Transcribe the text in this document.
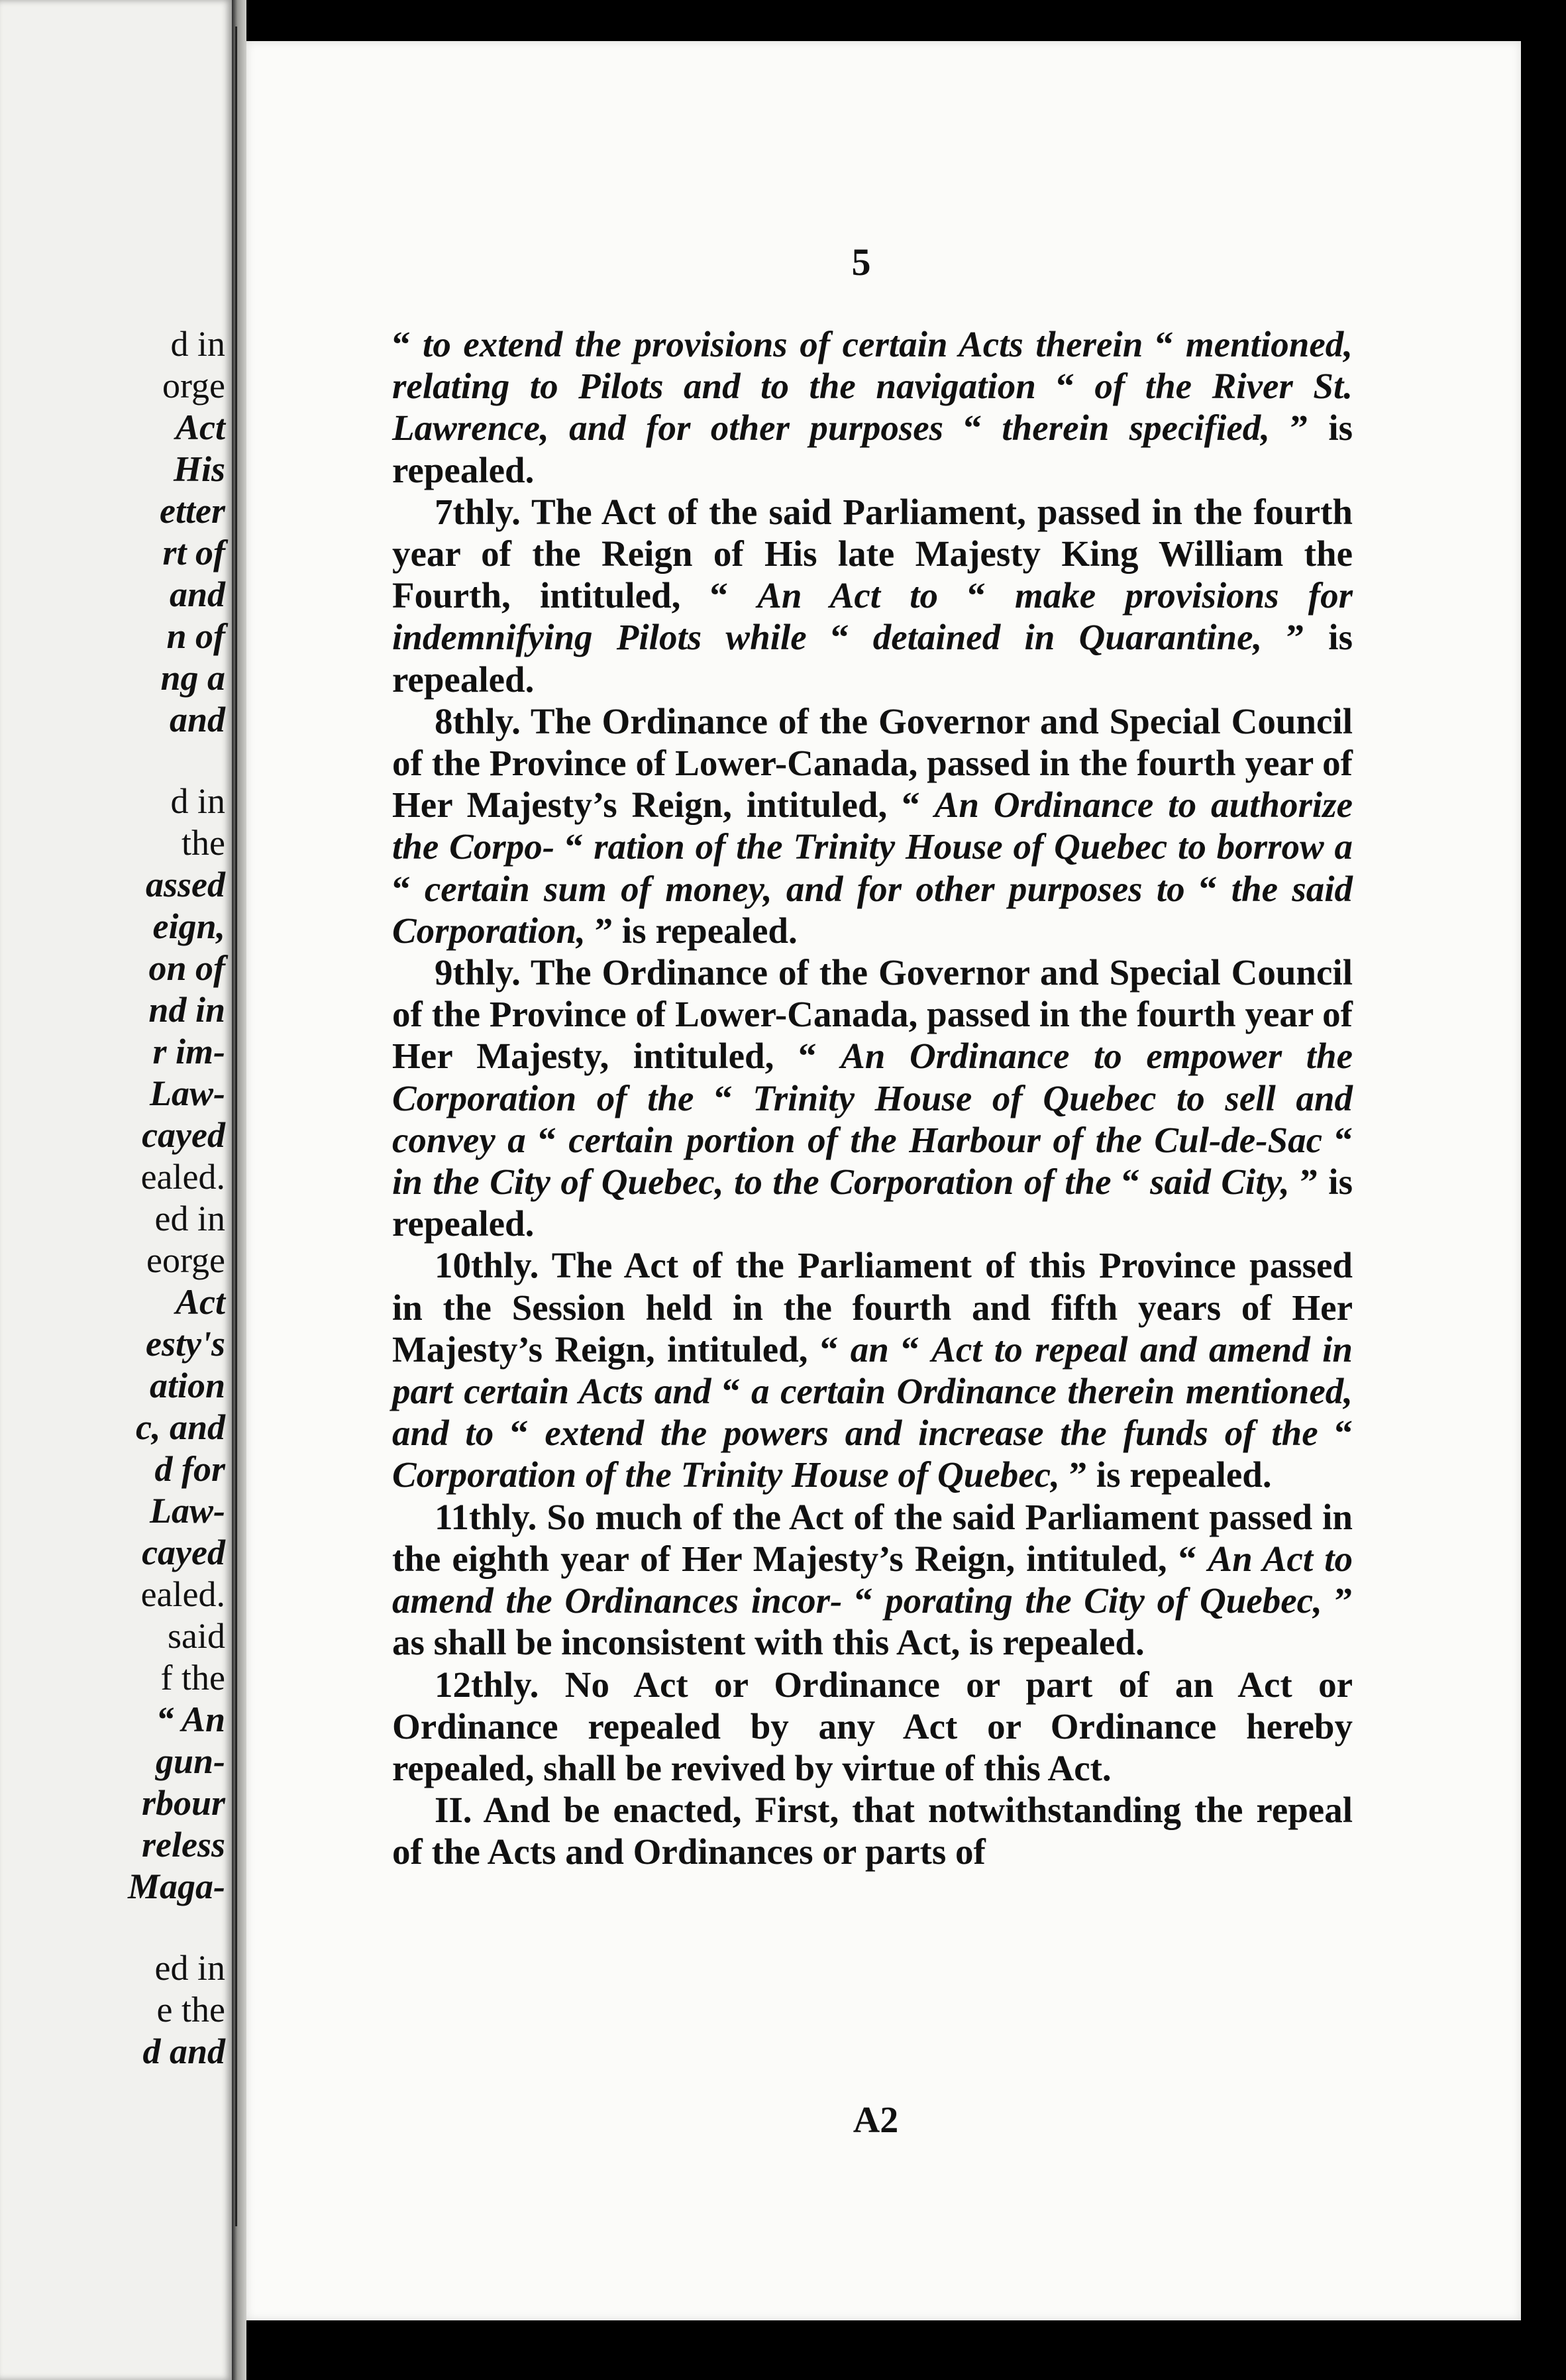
d in
orge
Act
His
etter
rt of
and
n of
ng a
and
d in
the
assed
eign,
on of
nd in
r im-
Law-
cayed
ealed.
ed in
eorge
Act
esty's
ation
c, and
d for
Law-
cayed
ealed.
said
f the
“ An
gun-
rbour
reless
Maga-
ed in
e the
d and
5

“ to extend the provisions of certain Acts therein “ mentioned, relating to Pilots and to the navigation “ of the River St. Lawrence, and for other purposes “ therein specified, ” is repealed.

7thly. The Act of the said Parliament, passed in the fourth year of the Reign of His late Majesty King William the Fourth, intituled, “ An Act to “ make provisions for indemnifying Pilots while “ detained in Quarantine, ” is repealed.

8thly. The Ordinance of the Governor and Special Council of the Province of Lower-Canada, passed in the fourth year of Her Majesty’s Reign, intituled, “ An Ordinance to authorize the Corpo- “ ration of the Trinity House of Quebec to borrow a “ certain sum of money, and for other purposes to “ the said Corporation, ” is repealed.

9thly. The Ordinance of the Governor and Special Council of the Province of Lower-Canada, passed in the fourth year of Her Majesty, intituled, “ An Ordinance to empower the Corporation of the “ Trinity House of Quebec to sell and convey a “ certain portion of the Harbour of the Cul-de-Sac “ in the City of Quebec, to the Corporation of the “ said City, ” is repealed.

10thly. The Act of the Parliament of this Province passed in the Session held in the fourth and fifth years of Her Majesty’s Reign, intituled, “ an “ Act to repeal and amend in part certain Acts and “ a certain Ordinance therein mentioned, and to “ extend the powers and increase the funds of the “ Corporation of the Trinity House of Quebec, ” is repealed.

11thly. So much of the Act of the said Parliament passed in the eighth year of Her Majesty’s Reign, intituled, “ An Act to amend the Ordinances incor- “ porating the City of Quebec, ” as shall be inconsistent with this Act, is repealed.

12thly. No Act or Ordinance or part of an Act or Ordinance repealed by any Act or Ordinance hereby repealed, shall be revived by virtue of this Act.

II. And be enacted, First, that notwithstanding the repeal of the Acts and Ordinances or parts of

A2
